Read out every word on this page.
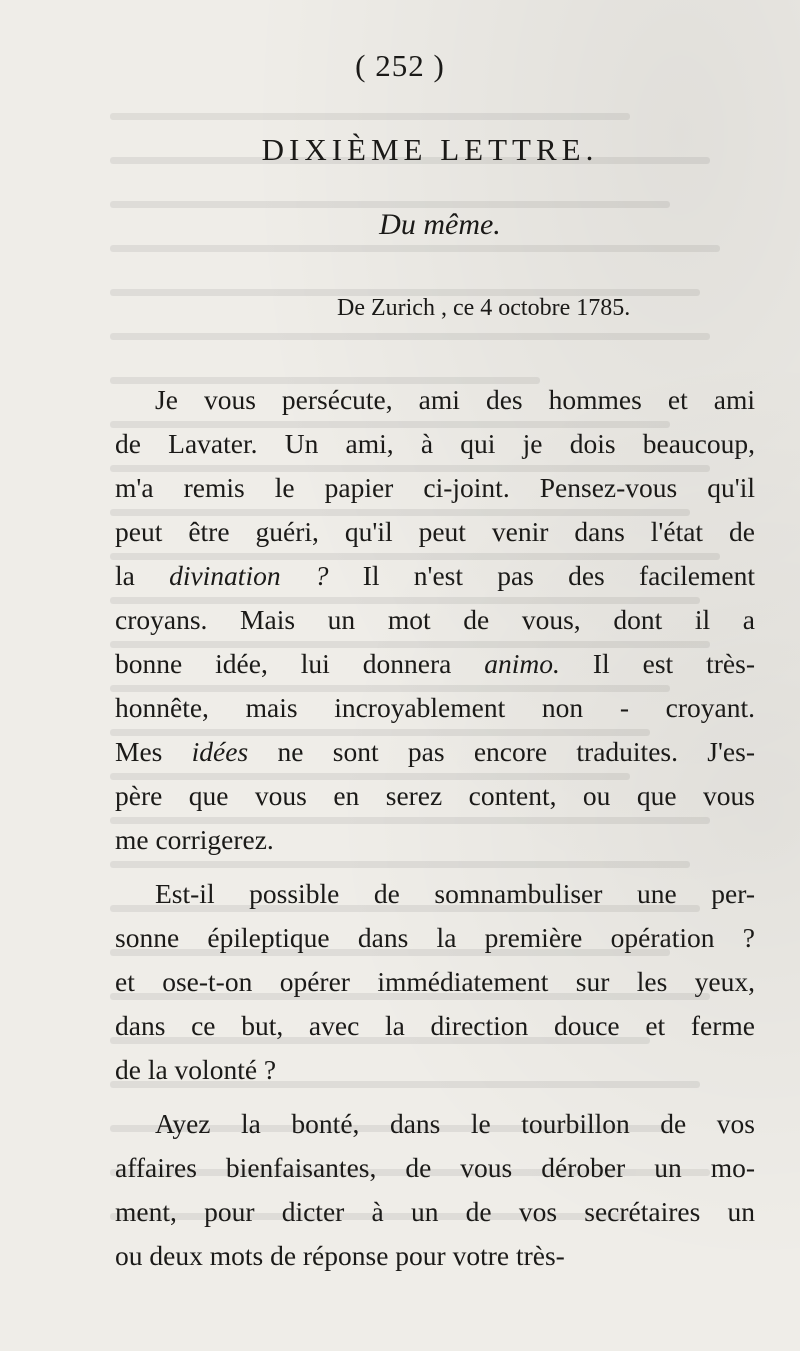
( 252 )
DIXIÈME LETTRE.
Du même.
De Zurich , ce 4 octobre 1785.
Je vous persécute, ami des hommes et ami
de Lavater. Un ami, à qui je dois beaucoup,
m'a remis le papier ci-joint. Pensez-vous qu'il
peut être guéri, qu'il peut venir dans l'état de
la divination ? Il n'est pas des facilement
croyans. Mais un mot de vous, dont il a
bonne idée, lui donnera animo. Il est très-
honnête, mais incroyablement non - croyant.
Mes idées ne sont pas encore traduites. J'es-
père que vous en serez content, ou que vous
me corrigerez.
Est-il possible de somnambuliser une per-
sonne épileptique dans la première opération ?
et ose-t-on opérer immédiatement sur les yeux,
dans ce but, avec la direction douce et ferme
de la volonté ?
Ayez la bonté, dans le tourbillon de vos
affaires bienfaisantes, de vous dérober un mo-
ment, pour dicter à un de vos secrétaires un
ou deux mots de réponse pour votre très-
